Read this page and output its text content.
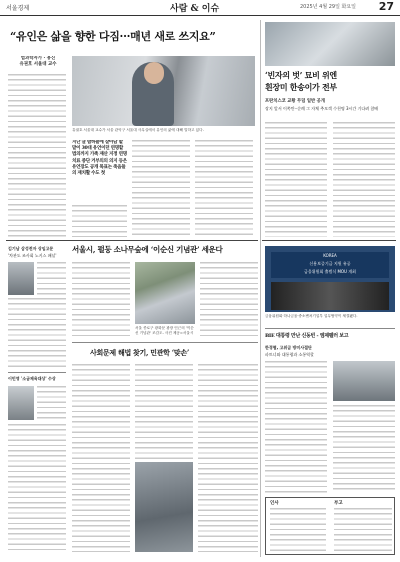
서울경제	사람 & 이슈	2025년 4월 29일 화요일 27
“유인은 삶을 향한 다짐···매년 새로 쓰지요”
법과학자가 · 용신
유권호 서울대 교수
유권호 서울대 교수가 서울 관악구 서울대 사무실에서 유인의 삶에 대해 말하고 있다.
지난 글 밤하늘에 살아남 할 말이 30대 유언이던 연명할 법의까지 가족 재산 지정 연명치료 중단 거부의의 의지 등은 유언장도 공개 목표는 죽음들의 재치활 수도 첫
‘빈자의 벗’ 묘비 위엔
흰장미 한송이가 전부
프란치스코 교황 무덤 일반 공개
장지 앞서 이쪽만··순례 그 자체 추모객 수천명 3시간 기다려 참배
김기남 삼성전자 상임고문
'차관도 조사회 노키스 패널'
이민영 '소금제육대상' 수상
서울시, 펄둥 소나무숲에 ‘이순신 기념관’ 세운다
서울 종로구 광화문 광장 인근의 '이순신 기념관' 조감도. 사진 제공=서울시
사회문제 해법 찾기, 민관학 ‘맞손’
KOREA
신용보증기금 지원 유공
금융위원회 출범식 MOU 개최
금융위원회·하나금융·중소벤처기업부 업무협약이 체결됐다.
BIE 대통령 만난 신동빈 - 엠제펠러 보고
한경협, 고위급 방미사절단
파트너와 대통령과 소통역할
인사	부고
